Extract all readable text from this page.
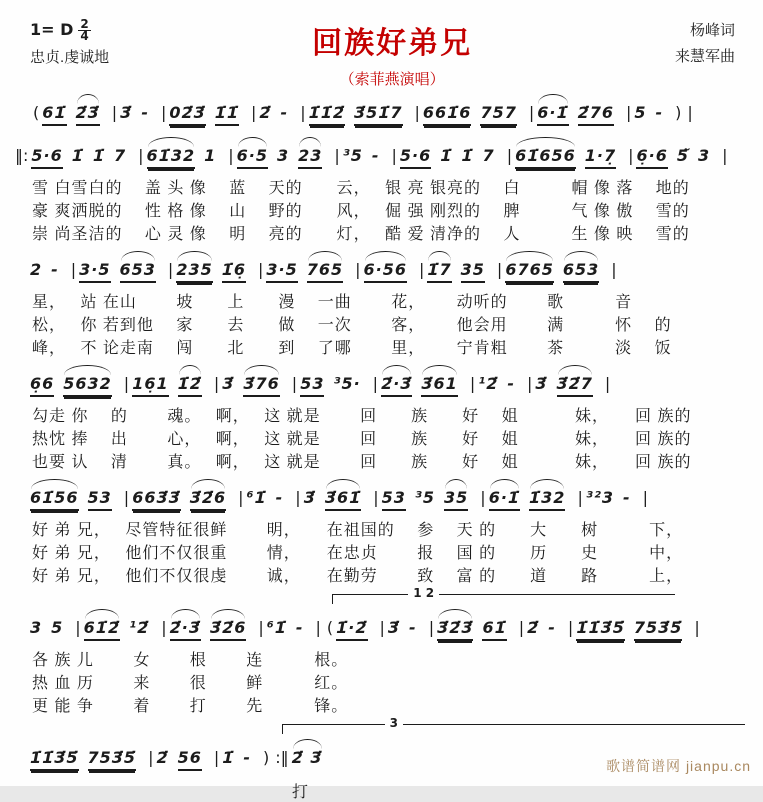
1= D $\frac{2}{4}$
忠贞.虔诚地	回族好弟兄
（索菲燕演唱）
杨峰词
来慧军曲
( 61̇ 2̇3̇ | 3̇ - | 02̇3̇ 1̇1̇ | 2̇ - | 1̇1̇2̇ 3̇51̇7 | 661̇6 757 | 6·1̇ 2̇76 | 5 - ) |
‖: 5·6 1̇ 1̇ 7 | 61̇32 1 | 6·5 3 23 | ³5 - | 5·6 1̇ 1̇ 7 | 61̇656 1·7̣ | 6̣·6 5̃ 3 |
雪 白雪白的　 盖 头 像　 蓝　 天的　　云，　 银 亮 银亮的　 白　　　帽 像 落　 地的
豪 爽洒脱的　 性 格 像　 山　 野的　　风，　 倔 强 刚烈的　 脾　　　气 像 傲　 雪的
崇 尚圣洁的　 心 灵 像　 明　 亮的　　灯，　 酷 爱 清净的　 人　　　生 像 映　 雪的
2 - | 3·5 653 | 235 1̇6̣ | 3·5 765 | 6·56 | 1̇7 35 | 6765 653 |
星，　 站 在山　　 坡　　上　　漫　 一曲　　 花，　　 动听的　　 歌　　　音
松，　 你 若到他　 家　　去　　做　 一次　　 客，　　 他会用　　 满　　　怀　 的
峰，　 不 论走南　 闯　　北　　到　 了哪　　 里，　　 宁肯粗　　 茶　　　淡　 饭
6̣6 5632 | 16̣1 1̇2̇ | 3̇ 3̇76 | 53 ³5· | 2̇·3̇ 3̇61 | ¹2̇ - | 3̇ 3̇2̇7 |
勾走 你　 的　　 魂。　 啊，　 这 就是　　 回　　族　　好　 姐　　　 妹，　　回 族的
热忱 捧　 出　　 心，　 啊，　 这 就是　　 回　　族　　好　 姐　　　 妹，　　回 族的
也要 认　 清　　 真。　 啊，　 这 就是　　 回　　族　　好　 姐　　　 妹，　　回 族的
61̇56 53 | 663̇3̇ 3̇2̇6 | ⁶1̇ - | 3̇ 3̇61̇ | 53 ³5 35 | 6·1̇ 1̇32 | ³²3 - |
好 弟 兄，　 尽管特征很鲜　　 明，　　在祖国的　 参　 天 的　　大　　树　　　下，
好 弟 兄，　 他们不仅很重　　 情，　　在忠贞　　 报　 国 的　　历　　史　　　中，
好 弟 兄，　 他们不仅很虔　　 诚，　　在勤劳　　 致　 富 的　　道　　路　　　上，
1 2
3 5 | 61̇2̇ ¹2̇ | 2̇·3̇ 3̇2̇6 | ⁶1̇ - | ( 1̇·2̇ | 3̇ - | 3̇2̇3̇ 61̇ | 2̇ - | 1̇1̇3̇5̇ 753̇5̇ |
各 族 儿　　 女　　 根　　 连　　　根。
热 血 历　　 来　　 很　　 鲜　　　红。
更 能 争　　 着　　 打　　 先　　　锋。
3
1̇1̇3̇5̇ 753̇5̇ | 2̇ 56 | 1̇ - ) :‖ 2̇ 3̇
打
歌谱简谱网 jianpu.cn
